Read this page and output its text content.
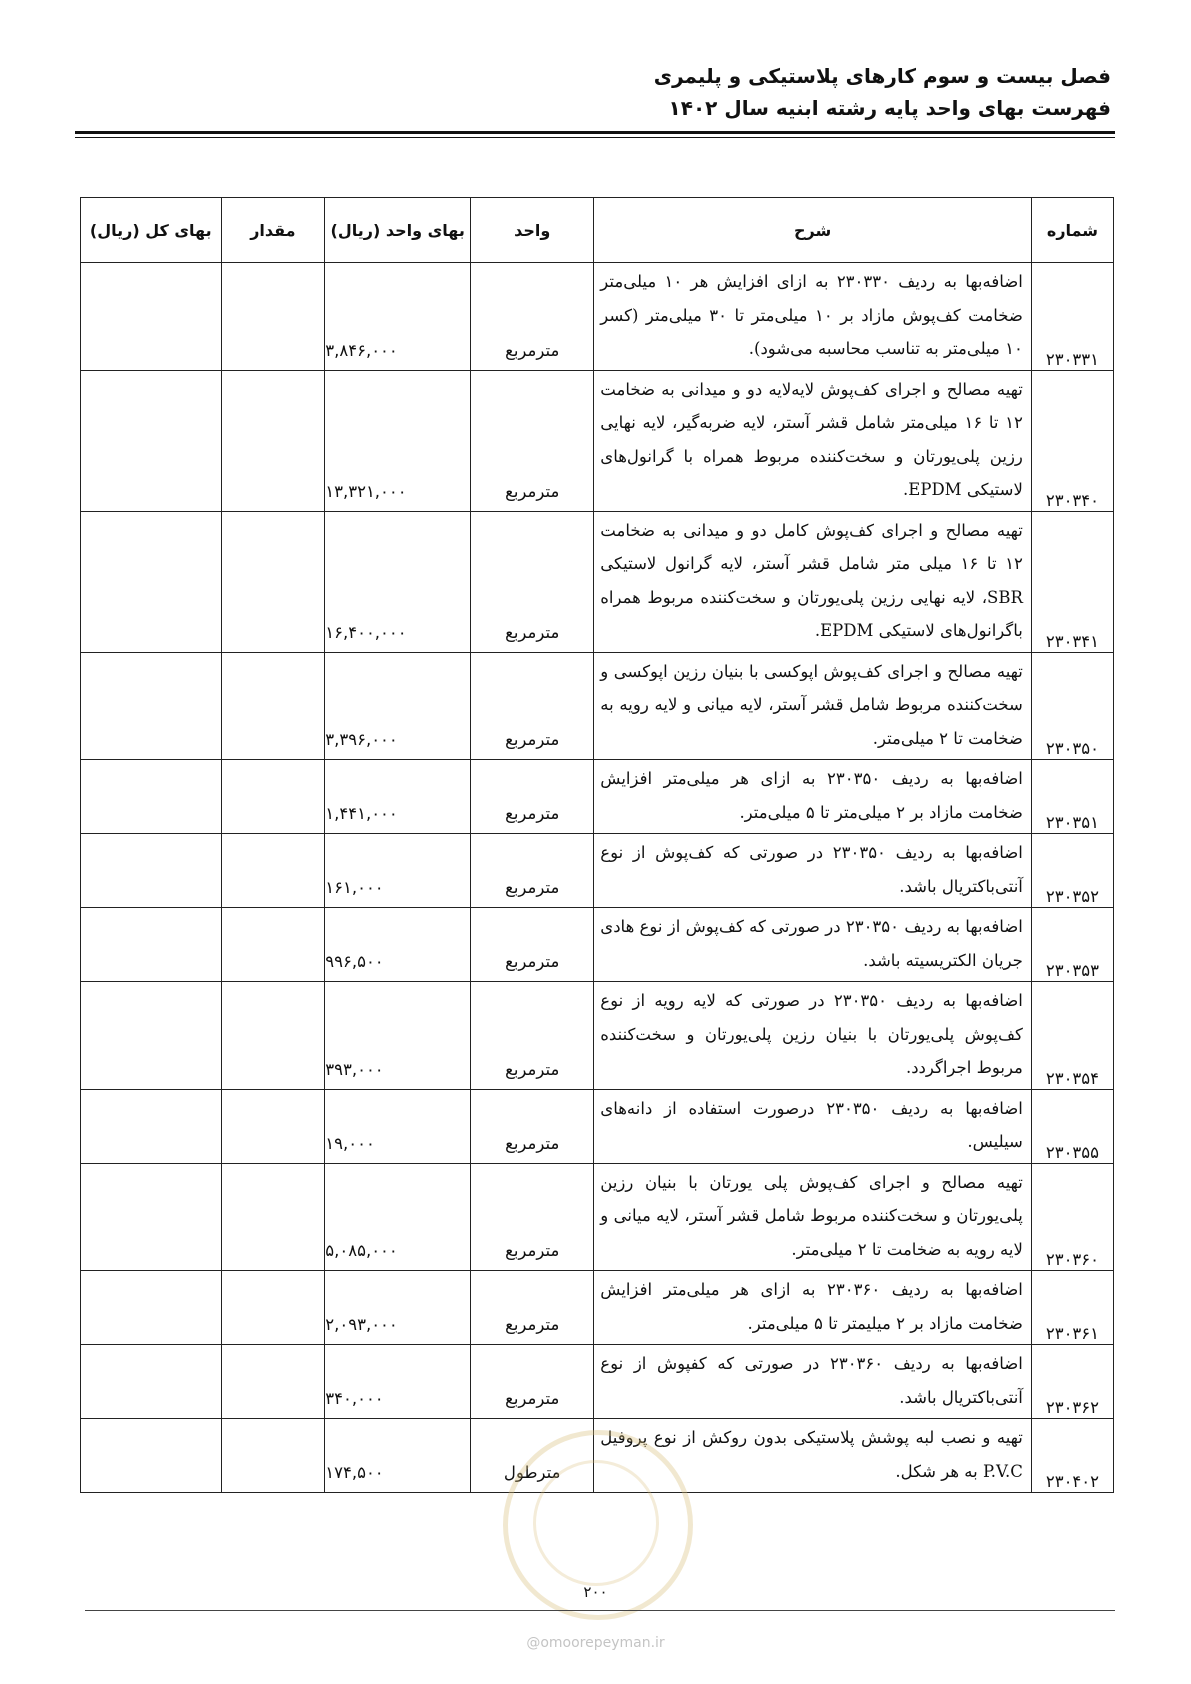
فصل بیست و سوم کارهای پلاستیکی و پلیمری
فهرست بهای واحد پایه رشته ابنیه سال ۱۴۰۲
شماره	شرح	واحد	بهای واحد (ریال)	مقدار	بهای کل (ریال)
۲۳۰۳۳۱	اضافه‌بها به ردیف ۲۳۰۳۳۰ به ازای افزایش هر ۱۰ میلی‌متر ضخامت کف‌پوش مازاد بر ۱۰ میلی‌متر تا ۳۰ میلی‌متر (کسر ۱۰ میلی‌متر به تناسب محاسبه می‌شود).	مترمربع	۳,۸۴۶,۰۰۰		
۲۳۰۳۴۰	تهیه مصالح و اجرای کف‌پوش لایه‌لایه دو و میدانی به ضخامت ۱۲ تا ۱۶ میلی‌متر شامل قشر آستر، لایه ضربه‌گیر، لایه نهایی رزین پلی‌یورتان و سخت‌کننده مربوط همراه با گرانول‌های لاستیکی EPDM.	مترمربع	۱۳,۳۲۱,۰۰۰		
۲۳۰۳۴۱	تهیه مصالح و اجرای کف‌پوش کامل دو و میدانی به ضخامت ۱۲ تا ۱۶ میلی متر شامل قشر آستر، لایه گرانول لاستیکی SBR، لایه نهایی رزین پلی‌یورتان و سخت‌کننده مربوط همراه باگرانول‌های لاستیکی EPDM.	مترمربع	۱۶,۴۰۰,۰۰۰		
۲۳۰۳۵۰	تهیه مصالح و اجرای کف‌پوش اپوکسی با بنیان رزین اپوکسی و سخت‌کننده مربوط شامل قشر آستر، لایه میانی و لایه رویه به ضخامت تا ۲ میلی‌متر.	مترمربع	۳,۳۹۶,۰۰۰		
۲۳۰۳۵۱	اضافه‌بها به ردیف ۲۳۰۳۵۰ به ازای هر میلی‌متر افزایش ضخامت مازاد بر ۲ میلی‌متر تا ۵ میلی‌متر.	مترمربع	۱,۴۴۱,۰۰۰		
۲۳۰۳۵۲	اضافه‌بها به ردیف ۲۳۰۳۵۰ در صورتی که کف‌پوش از نوع آنتی‌باکتریال باشد.	مترمربع	۱۶۱,۰۰۰		
۲۳۰۳۵۳	اضافه‌بها به ردیف ۲۳۰۳۵۰ در صورتی که کف‌پوش از نوع هادی جریان الکتریسیته باشد.	مترمربع	۹۹۶,۵۰۰		
۲۳۰۳۵۴	اضافه‌بها به ردیف ۲۳۰۳۵۰ در صورتی که لایه رویه از نوع کف‌پوش پلی‌یورتان با بنیان رزین پلی‌یورتان و سخت‌کننده مربوط اجراگردد.	مترمربع	۳۹۳,۰۰۰		
۲۳۰۳۵۵	اضافه‌بها به ردیف ۲۳۰۳۵۰ درصورت استفاده از دانه‌های سیلیس.	مترمربع	۱۹,۰۰۰		
۲۳۰۳۶۰	تهیه مصالح و اجرای کف‌پوش پلی یورتان با بنیان رزین پلی‌یورتان و سخت‌کننده مربوط شامل قشر آستر، لایه میانی و لایه رویه به ضخامت تا ۲ میلی‌متر.	مترمربع	۵,۰۸۵,۰۰۰		
۲۳۰۳۶۱	اضافه‌بها به ردیف ۲۳۰۳۶۰ به ازای هر میلی‌متر افزایش ضخامت مازاد بر ۲ میلیمتر تا ۵ میلی‌متر.	مترمربع	۲,۰۹۳,۰۰۰		
۲۳۰۳۶۲	اضافه‌بها به ردیف ۲۳۰۳۶۰ در صورتی که کفپوش از نوع آنتی‌باکتریال باشد.	مترمربع	۳۴۰,۰۰۰		
۲۳۰۴۰۲	تهیه و نصب لبه پوشش پلاستیکی بدون روکش از نوع پروفیل P.V.C به هر شکل.	مترطول	۱۷۴,۵۰۰		
۲۰۰
@omoorepeyman.ir
